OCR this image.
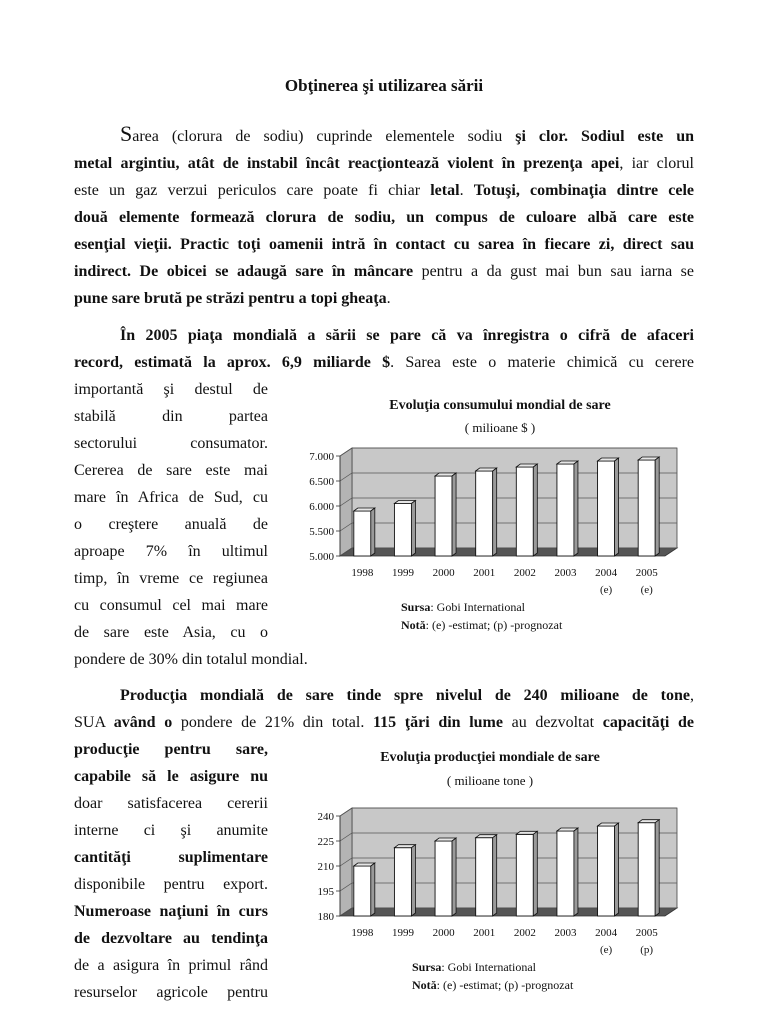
Obţinerea şi utilizarea sării
Sarea (clorura de sodiu) cuprinde elementele sodiu şi clor. Sodiul este un
metal argintiu, atât de instabil încât reacţiontează violent în prezenţa apei, iar clorul
este un gaz verzui periculos care poate fi chiar letal. Totuşi, combinaţia dintre cele
două elemente formează clorura de sodiu, un compus de culoare albă care este
esenţial vieţii. Practic toţi oamenii intră în contact cu sarea în fiecare zi, direct sau
indirect. De obicei se adaugă sare în mâncare pentru a da gust mai bun sau iarna se
pune sare brută pe străzi pentru a topi gheaţa.
În 2005 piaţa mondială a sării se pare că va înregistra o cifră de afaceri
record, estimată la aprox. 6,9 miliarde $. Sarea este o materie chimică cu cerere
importantă şi destul de
stabilă din partea
sectorului consumator.
Cererea de sare este mai
mare în Africa de Sud, cu
o creştere anuală de
aproape 7% în ultimul
timp, în vreme ce regiunea
cu consumul cel mai mare
de sare este Asia, cu o
pondere de 30% din totalul mondial.
Evoluţia consumului mondial de sare
( milioane $ )
5.000
5.500
6.000
6.500
7.000
1998 1999 2000 2001 2002 2003 2004
(e)
2005
(e)
Sursa: Gobi International
Notă: (e) -estimat; (p) -prognozat
Producţia mondială de sare tinde spre nivelul de 240 milioane de tone,
SUA având o pondere de 21% din total. 115 ţări din lume au dezvoltat capacităţi de
producţie pentru sare,
capabile să le asigure nu
doar satisfacerea cererii
interne ci şi anumite
cantităţi suplimentare
disponibile pentru export.
Numeroase naţiuni în curs
de dezvoltare au tendinţa
de a asigura în primul rând
resurselor agricole pentru
Evoluţia producţiei mondiale de sare
( milioane tone )
180
195
210
225
240
1998 1999 2000 2001 2002 2003 2004
(e)
2005
(p)
Sursa: Gobi International
Notă: (e) -estimat; (p) -prognozat
